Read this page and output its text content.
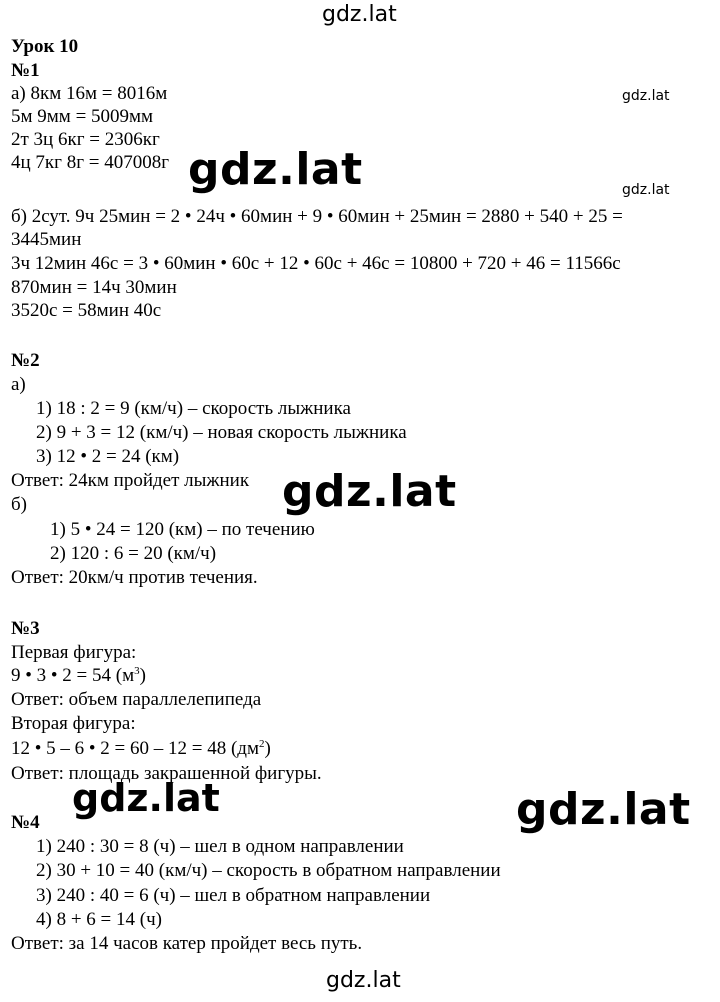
gdz.lat
gdz.lat
gdz.lat	gdz.lat
gdz.lat
gdz.lat	gdz.lat
gdz.lat
Урок 10
№1
а) 8км 16м = 8016м
5м 9мм = 5009мм
2т 3ц 6кг = 2306кг
4ц 7кг 8г = 407008г
б) 2сут. 9ч 25мин = 2 • 24ч • 60мин + 9 • 60мин + 25мин = 2880 + 540 + 25 =
3445мин
3ч 12мин 46с = 3 • 60мин • 60с + 12 • 60с + 46с = 10800 + 720 + 46 = 11566с
870мин = 14ч 30мин
3520с = 58мин 40с
№2
а)
1) 18 : 2 = 9 (км/ч) – скорость лыжника
2) 9 + 3 = 12 (км/ч) – новая скорость лыжника
3) 12 • 2 = 24 (км)
Ответ: 24км пройдет лыжник
б)
1) 5 • 24 = 120 (км) – по течению
2) 120 : 6 = 20 (км/ч)
Ответ: 20км/ч против течения.
№3
Первая фигура:
9 • 3 • 2 = 54 $(м^3)$
Ответ: объем параллелепипеда
Вторая фигура:
12 • 5 – 6 • 2 = 60 – 12 = 48 $(дм^2)$
Ответ: площадь закрашенной фигуры.
№4
1) 240 : 30 = 8 (ч) – шел в одном направлении
2) 30 + 10 = 40 (км/ч) – скорость в обратном направлении
3) 240 : 40 = 6 (ч) – шел в обратном направлении
4) 8 + 6 = 14 (ч)
Ответ: за 14 часов катер пройдет весь путь.
